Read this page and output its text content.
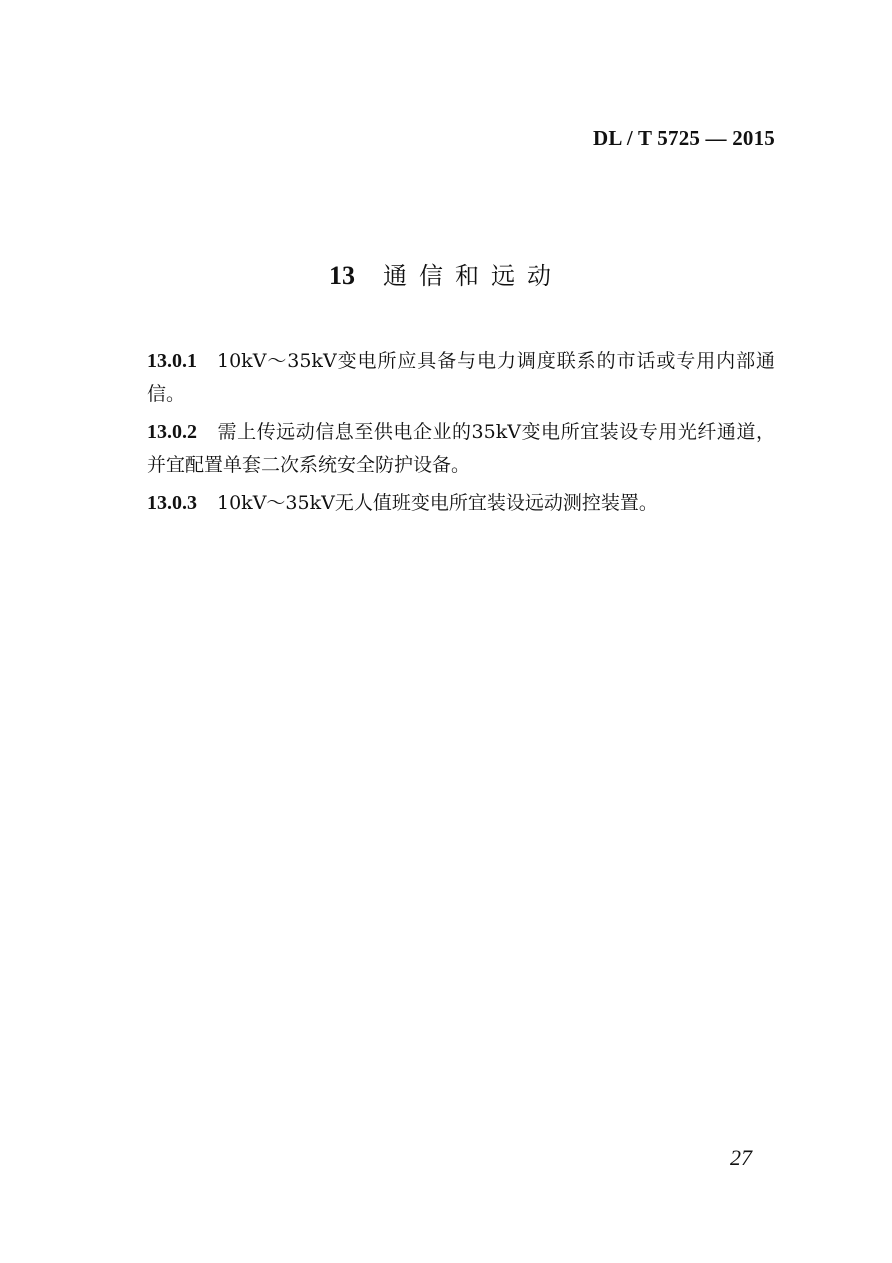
DL / T 5725 — 2015
13 通信和远动

13.0.1 10kV～35kV变电所应具备与电力调度联系的市话或专用内部通信。

13.0.2 需上传远动信息至供电企业的35kV变电所宜装设专用光纤通道，并宜配置单套二次系统安全防护设备。

13.0.3 10kV～35kV无人值班变电所宜装设远动测控装置。

27
